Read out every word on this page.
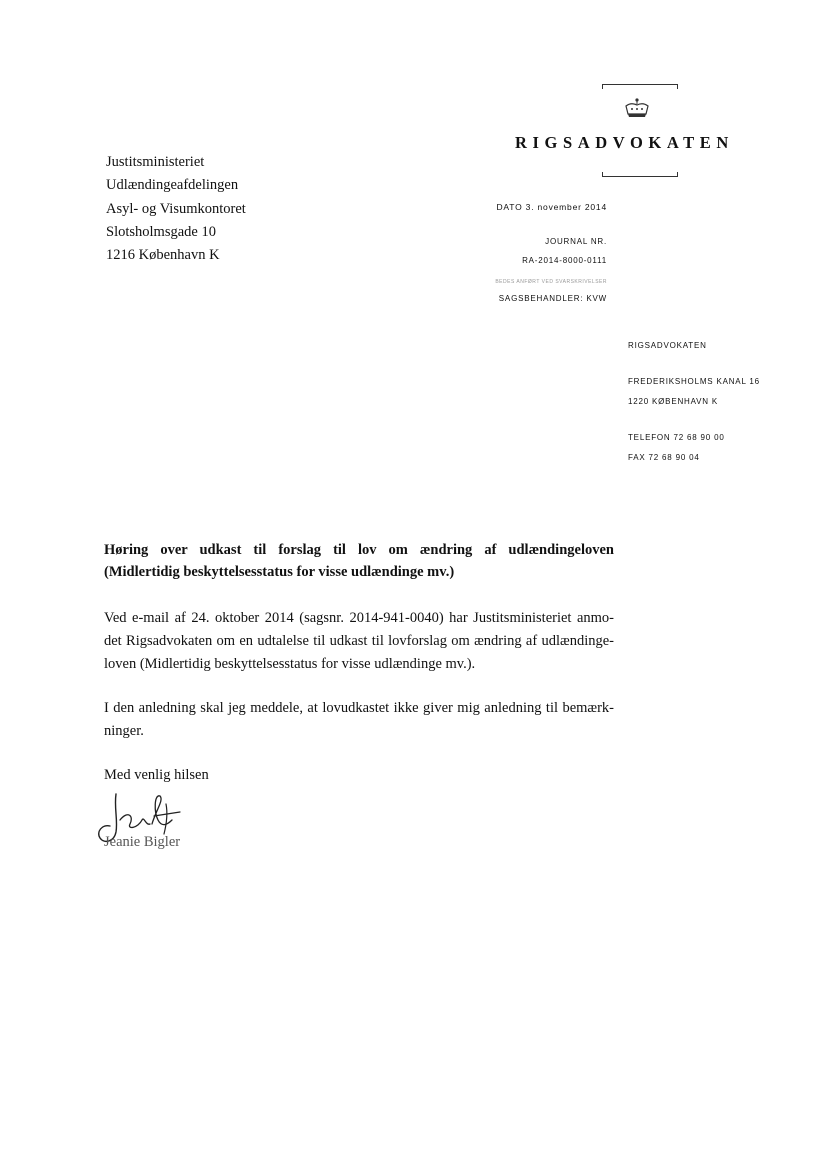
RIGSADVOKATEN
Justitsministeriet
Udlændingeafdelingen
Asyl- og Visumkontoret
Slotsholmsgade 10
1216 København K
DATO 3. november 2014
JOURNAL NR.
RA-2014-8000-0111
BEDES ANFØRT VED SVARSKRIVELSER
SAGSBEHANDLER: KVW
RIGSADVOKATEN
FREDERIKSHOLMS KANAL 16
1220 KØBENHAVN K
TELEFON 72 68 90 00
FAX 72 68 90 04
Høring over udkast til forslag til lov om ændring af udlændingeloven
(Midlertidig beskyttelsesstatus for visse udlændinge mv.)
Ved e-mail af 24. oktober 2014 (sagsnr. 2014-941-0040) har Justitsministeriet anmo-
det Rigsadvokaten om en udtalelse til udkast til lovforslag om ændring af udlændinge-
loven (Midlertidig beskyttelsesstatus for visse udlændinge mv.).
I den anledning skal jeg meddele, at lovudkastet ikke giver mig anledning til bemærk-
ninger.
Med venlig hilsen
Jeanie Bigler
